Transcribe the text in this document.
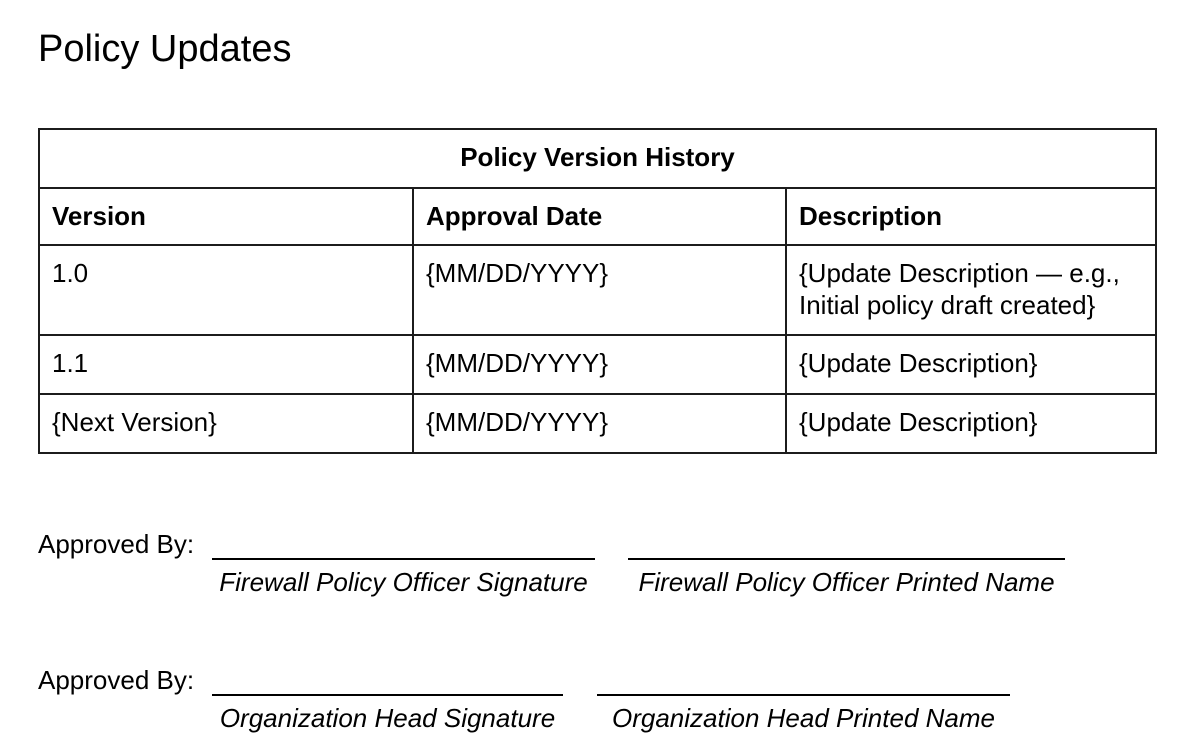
Policy Updates
Policy Version History		
Version	Approval Date	Description
1.0	{MM/DD/YYYY}	{Update Description — e.g., Initial policy draft created}
1.1	{MM/DD/YYYY}	{Update Description}
{Next Version}	{MM/DD/YYYY}	{Update Description}
Approved By:
Firewall Policy Officer Signature	Firewall Policy Officer Printed Name
Approved By:
Organization Head Signature	Organization Head Printed Name
